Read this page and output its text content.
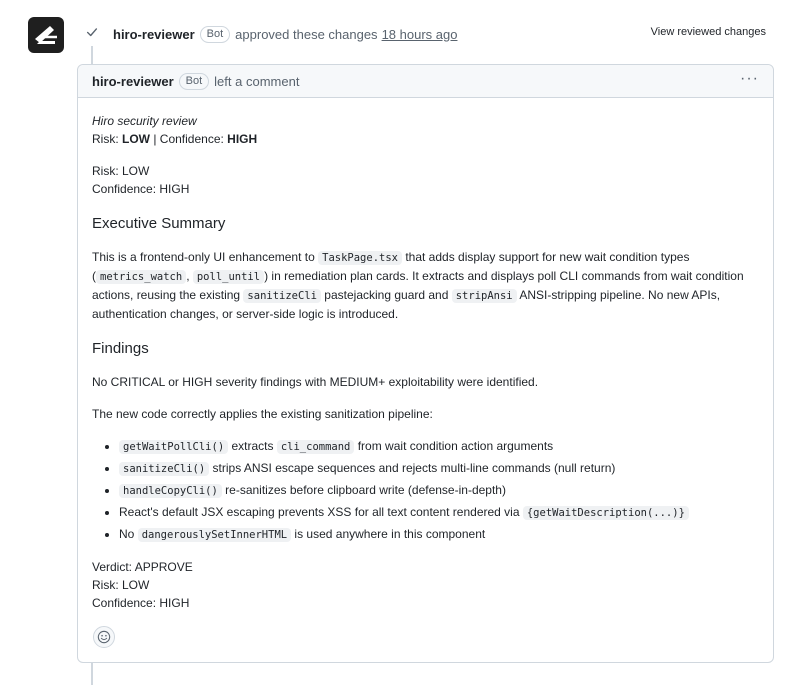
hiro-reviewer	Bot approved these changes 18 hours ago	View reviewed changes
hiro-reviewer	Bot left a comment	···

Hiro security review
Risk: LOW | Confidence: HIGH

Risk: LOW
Confidence: HIGH

Executive Summary

This is a frontend-only UI enhancement to TaskPage.tsx that adds display support for new wait condition types ( metrics_watch , poll_until ) in remediation plan cards. It extracts and displays poll CLI commands from wait condition actions, reusing the existing sanitizeCli pastejacking guard and stripAnsi ANSI-stripping pipeline. No new APIs, authentication changes, or server-side logic is introduced.

Findings

No CRITICAL or HIGH severity findings with MEDIUM+ exploitability were identified.

The new code correctly applies the existing sanitization pipeline:

• getWaitPollCli() extracts cli_command from wait condition action arguments
• sanitizeCli() strips ANSI escape sequences and rejects multi-line commands (null return)
• handleCopyCli() re-sanitizes before clipboard write (defense-in-depth)
• React's default JSX escaping prevents XSS for all text content rendered via {getWaitDescription(...)}
• No dangerouslySetInnerHTML is used anywhere in this component

Verdict: APPROVE
Risk: LOW
Confidence: HIGH
